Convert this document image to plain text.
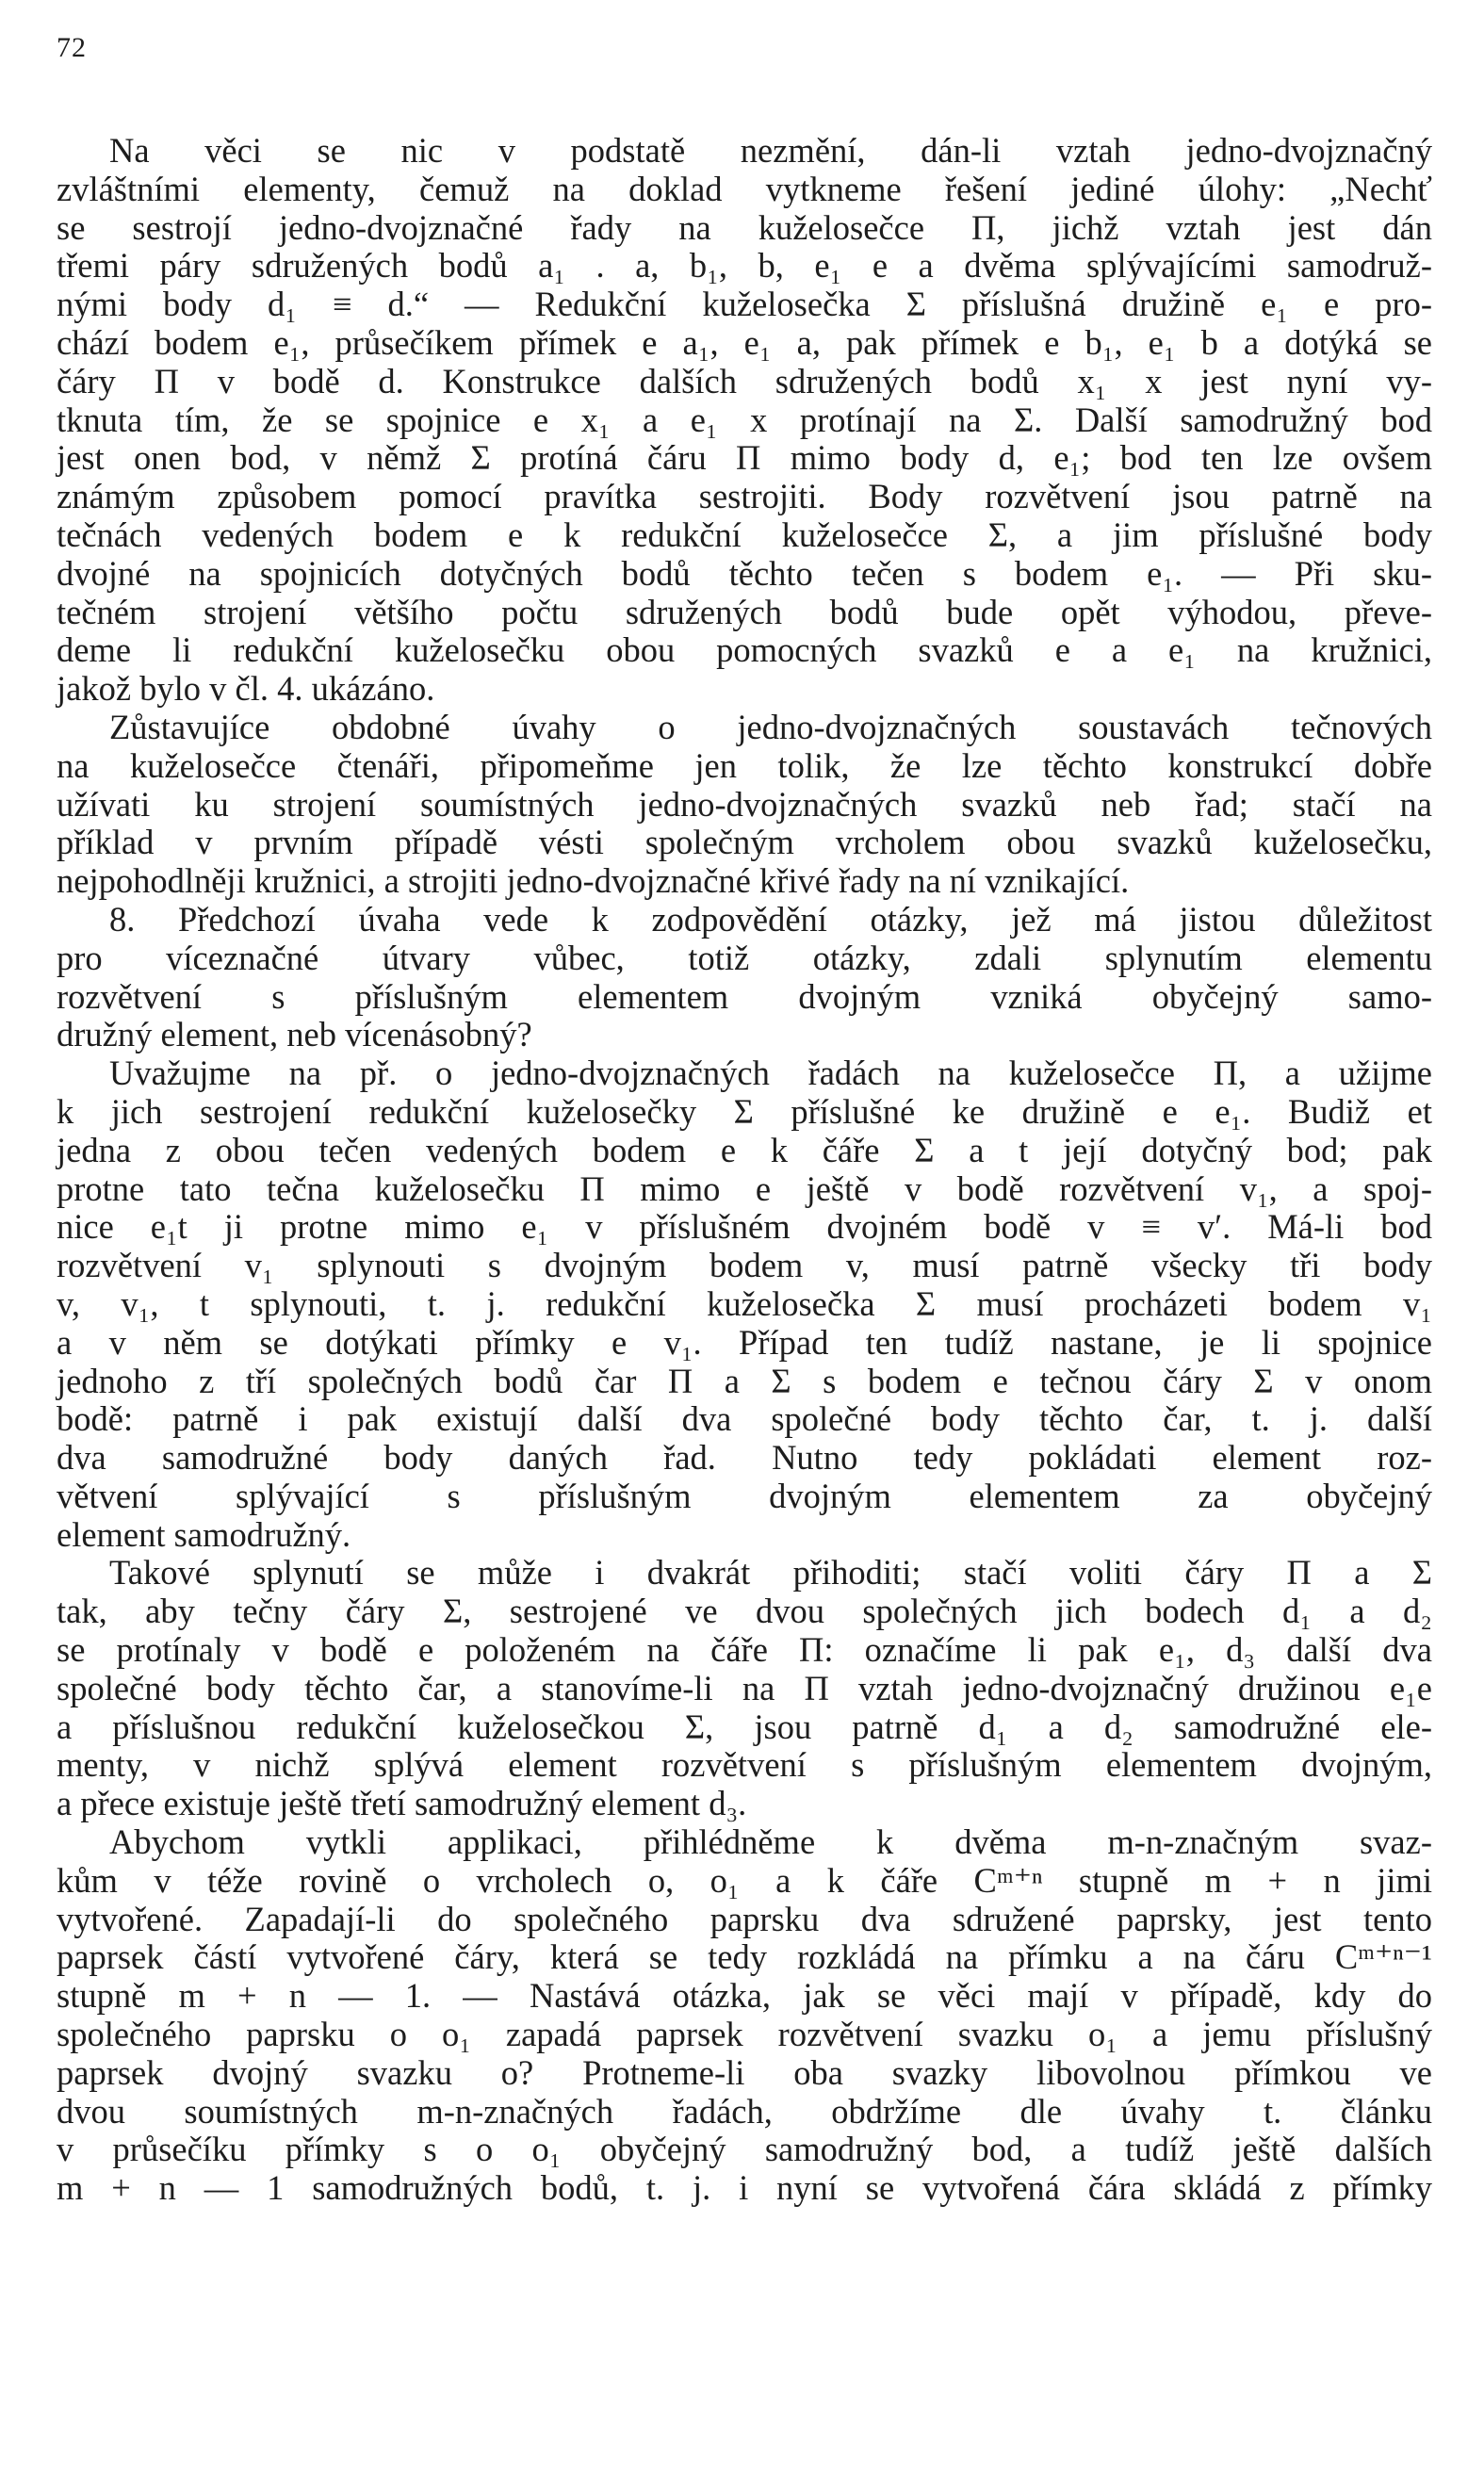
72
Na věci se nic v podstatě nezmění, dán-li vztah jedno-dvojznačný
zvláštními elementy, čemuž na doklad vytkneme řešení jediné úlohy: „Nechť
se sestrojí jedno-dvojznačné řady na kuželosečce Π, jichž vztah jest dán
třemi páry sdružených bodů a₁ . a, b₁, b, e₁ e a dvěma splývajícími samodruž-
nými body d₁ ≡ d.“ — Redukční kuželosečka Σ příslušná družině e₁ e pro-
chází bodem e₁, průsečíkem přímek e a₁, e₁ a, pak přímek e b₁, e₁ b a dotýká se
čáry Π v bodě d. Konstrukce dalších sdružených bodů x₁ x jest nyní vy-
tknuta tím, že se spojnice e x₁ a e₁ x protínají na Σ. Další samodružný bod
jest onen bod, v němž Σ protíná čáru Π mimo body d, e₁; bod ten lze ovšem
známým způsobem pomocí pravítka sestrojiti. Body rozvětvení jsou patrně na
tečnách vedených bodem e k redukční kuželosečce Σ, a jim příslušné body
dvojné na spojnicích dotyčných bodů těchto tečen s bodem e₁. — Při sku-
tečném strojení většího počtu sdružených bodů bude opět výhodou, převe-
deme li redukční kuželosečku obou pomocných svazků e a e₁ na kružnici,
jakož bylo v čl. 4. ukázáno.
Zůstavujíce obdobné úvahy o jedno-dvojznačných soustavách tečnových
na kuželosečce čtenáři, připomeňme jen tolik, že lze těchto konstrukcí dobře
užívati ku strojení soumístných jedno-dvojznačných svazků neb řad; stačí na
příklad v prvním případě vésti společným vrcholem obou svazků kuželosečku,
nejpohodlněji kružnici, a strojiti jedno-dvojznačné křivé řady na ní vznikající.
8. Předchozí úvaha vede k zodpovědění otázky, jež má jistou důležitost
pro víceznačné útvary vůbec, totiž otázky, zdali splynutím elementu
rozvětvení s příslušným elementem dvojným vzniká obyčejný samo-
družný element, neb vícenásobný?
Uvažujme na př. o jedno-dvojznačných řadách na kuželosečce Π, a užijme
k jich sestrojení redukční kuželosečky Σ příslušné ke družině e e₁. Budiž et
jedna z obou tečen vedených bodem e k čáře Σ a t její dotyčný bod; pak
protne tato tečna kuželosečku Π mimo e ještě v bodě rozvětvení v₁, a spoj-
nice e₁t ji protne mimo e₁ v příslušném dvojném bodě v ≡ v′. Má-li bod
rozvětvení v₁ splynouti s dvojným bodem v, musí patrně všecky tři body
v, v₁, t splynouti, t. j. redukční kuželosečka Σ musí procházeti bodem v₁
a v něm se dotýkati přímky e v₁. Případ ten tudíž nastane, je li spojnice
jednoho z tří společných bodů čar Π a Σ s bodem e tečnou čáry Σ v onom
bodě: patrně i pak existují další dva společné body těchto čar, t. j. další
dva samodružné body daných řad. Nutno tedy pokládati element roz-
větvení splývající s příslušným dvojným elementem za obyčejný
element samodružný.
Takové splynutí se může i dvakrát přihoditi; stačí voliti čáry Π a Σ
tak, aby tečny čáry Σ, sestrojené ve dvou společných jich bodech d₁ a d₂
se protínaly v bodě e položeném na čáře Π: označíme li pak e₁, d₃ další dva
společné body těchto čar, a stanovíme-li na Π vztah jedno-dvojznačný družinou e₁e
a příslušnou redukční kuželosečkou Σ, jsou patrně d₁ a d₂ samodružné ele-
menty, v nichž splývá element rozvětvení s příslušným elementem dvojným,
a přece existuje ještě třetí samodružný element d₃.
Abychom vytkli applikaci, přihlédněme k dvěma m-n-značným svaz-
kům v téže rovině o vrcholech o, o₁ a k čáře Cᵐ⁺ⁿ stupně m + n jimi
vytvořené. Zapadají-li do společného paprsku dva sdružené paprsky, jest tento
paprsek částí vytvořené čáry, která se tedy rozkládá na přímku a na čáru Cᵐ⁺ⁿ⁻¹
stupně m + n — 1. — Nastává otázka, jak se věci mají v případě, kdy do
společného paprsku o o₁ zapadá paprsek rozvětvení svazku o₁ a jemu příslušný
paprsek dvojný svazku o? Protneme-li oba svazky libovolnou přímkou ve
dvou soumístných m-n-značných řadách, obdržíme dle úvahy t. článku
v průsečíku přímky s o o₁ obyčejný samodružný bod, a tudíž ještě dalších
m + n — 1 samodružných bodů, t. j. i nyní se vytvořená čára skládá z přímky
